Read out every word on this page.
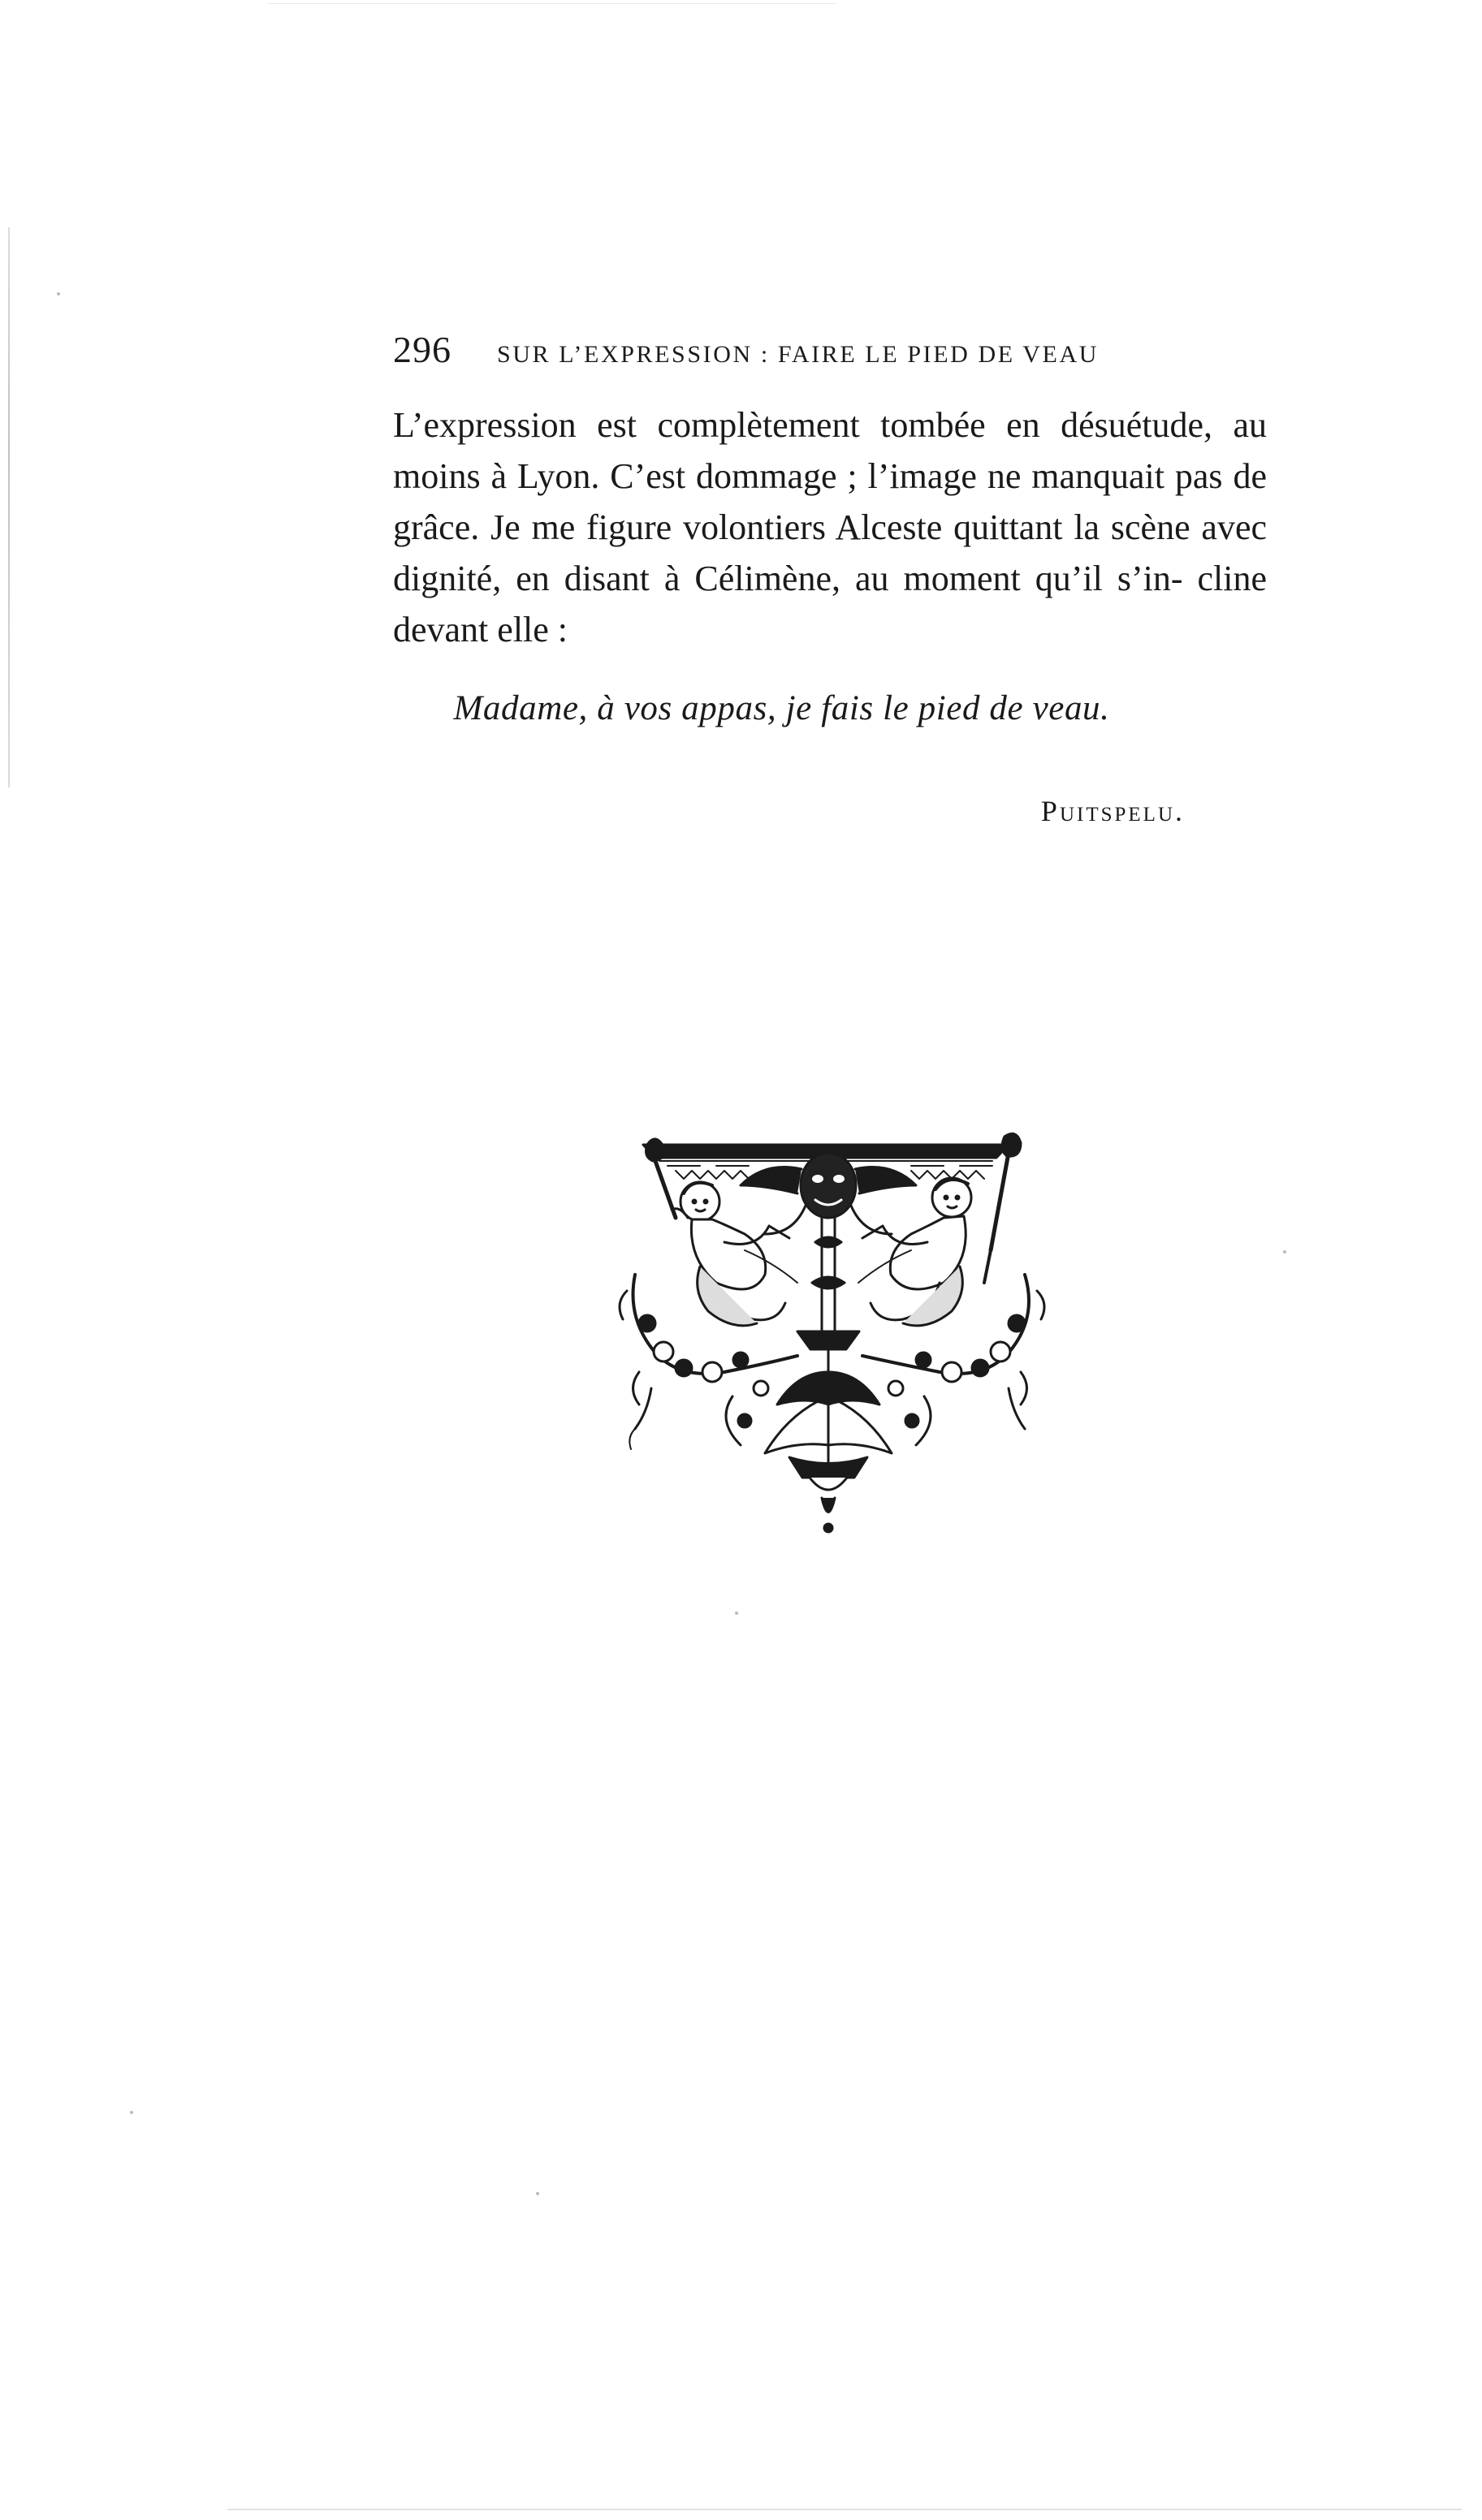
296 SUR L’EXPRESSION : FAIRE LE PIED DE VEAU

L’expression est complètement tombée en désuétude, au moins à Lyon. C’est dommage ; l’image ne manquait pas de grâce. Je me figure volontiers Alceste quittant la scène avec dignité, en disant à Célimène, au moment qu’il s’in- cline devant elle :

Madame, à vos appas, je fais le pied de veau.
Puitspelu.
